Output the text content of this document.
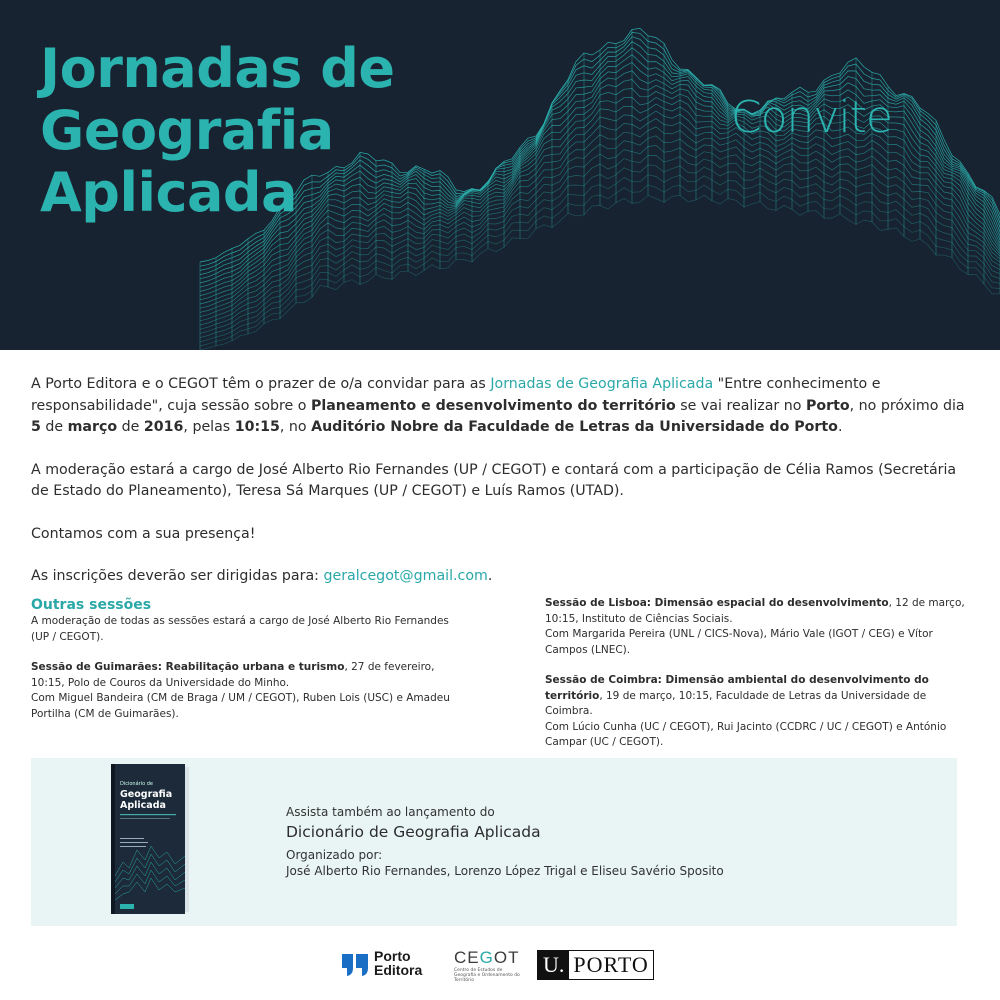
Jornadas de
Geografia
Aplicada
Convite

A Porto Editora e o CEGOT têm o prazer de o/a convidar para as Jornadas de Geografia Aplicada "Entre conhecimento e responsabilidade", cuja sessão sobre o Planeamento e desenvolvimento do território se vai realizar no Porto, no próximo dia 5 de março de 2016, pelas 10:15, no Auditório Nobre da Faculdade de Letras da Universidade do Porto.

A moderação estará a cargo de José Alberto Rio Fernandes (UP / CEGOT) e contará com a participação de Célia Ramos (Secretária de Estado do Planeamento), Teresa Sá Marques (UP / CEGOT) e Luís Ramos (UTAD).

Contamos com a sua presença!

As inscrições deverão ser dirigidas para: geralcegot@gmail.com.

Outras sessões
A moderação de todas as sessões estará a cargo de José Alberto Rio Fernandes (UP / CEGOT).
Sessão de Guimarães: Reabilitação urbana e turismo, 27 de fevereiro, 10:15, Polo de Couros da Universidade do Minho.
Com Miguel Bandeira (CM de Braga / UM / CEGOT), Ruben Lois (USC) e Amadeu Portilha (CM de Guimarães).
Sessão de Lisboa: Dimensão espacial do desenvolvimento, 12 de março, 10:15, Instituto de Ciências Sociais.
Com Margarida Pereira (UNL / CICS-Nova), Mário Vale (IGOT / CEG) e Vítor Campos (LNEC).
Sessão de Coimbra: Dimensão ambiental do desenvolvimento do território, 19 de março, 10:15, Faculdade de Letras da Universidade de Coimbra.
Com Lúcio Cunha (UC / CEGOT), Rui Jacinto (CCDRC / UC / CEGOT) e António Campar (UC / CEGOT).
Dicionário de
Geografia
Aplicada	Assista também ao lançamento do
Dicionário de Geografia Aplicada
Organizado por:
José Alberto Rio Fernandes, Lorenzo López Trigal e Eliseu Savério Sposito
Porto
Editora
CEGOT
Centro de Estudos de Geografia e Ordenamento do Território
U. PORTO
